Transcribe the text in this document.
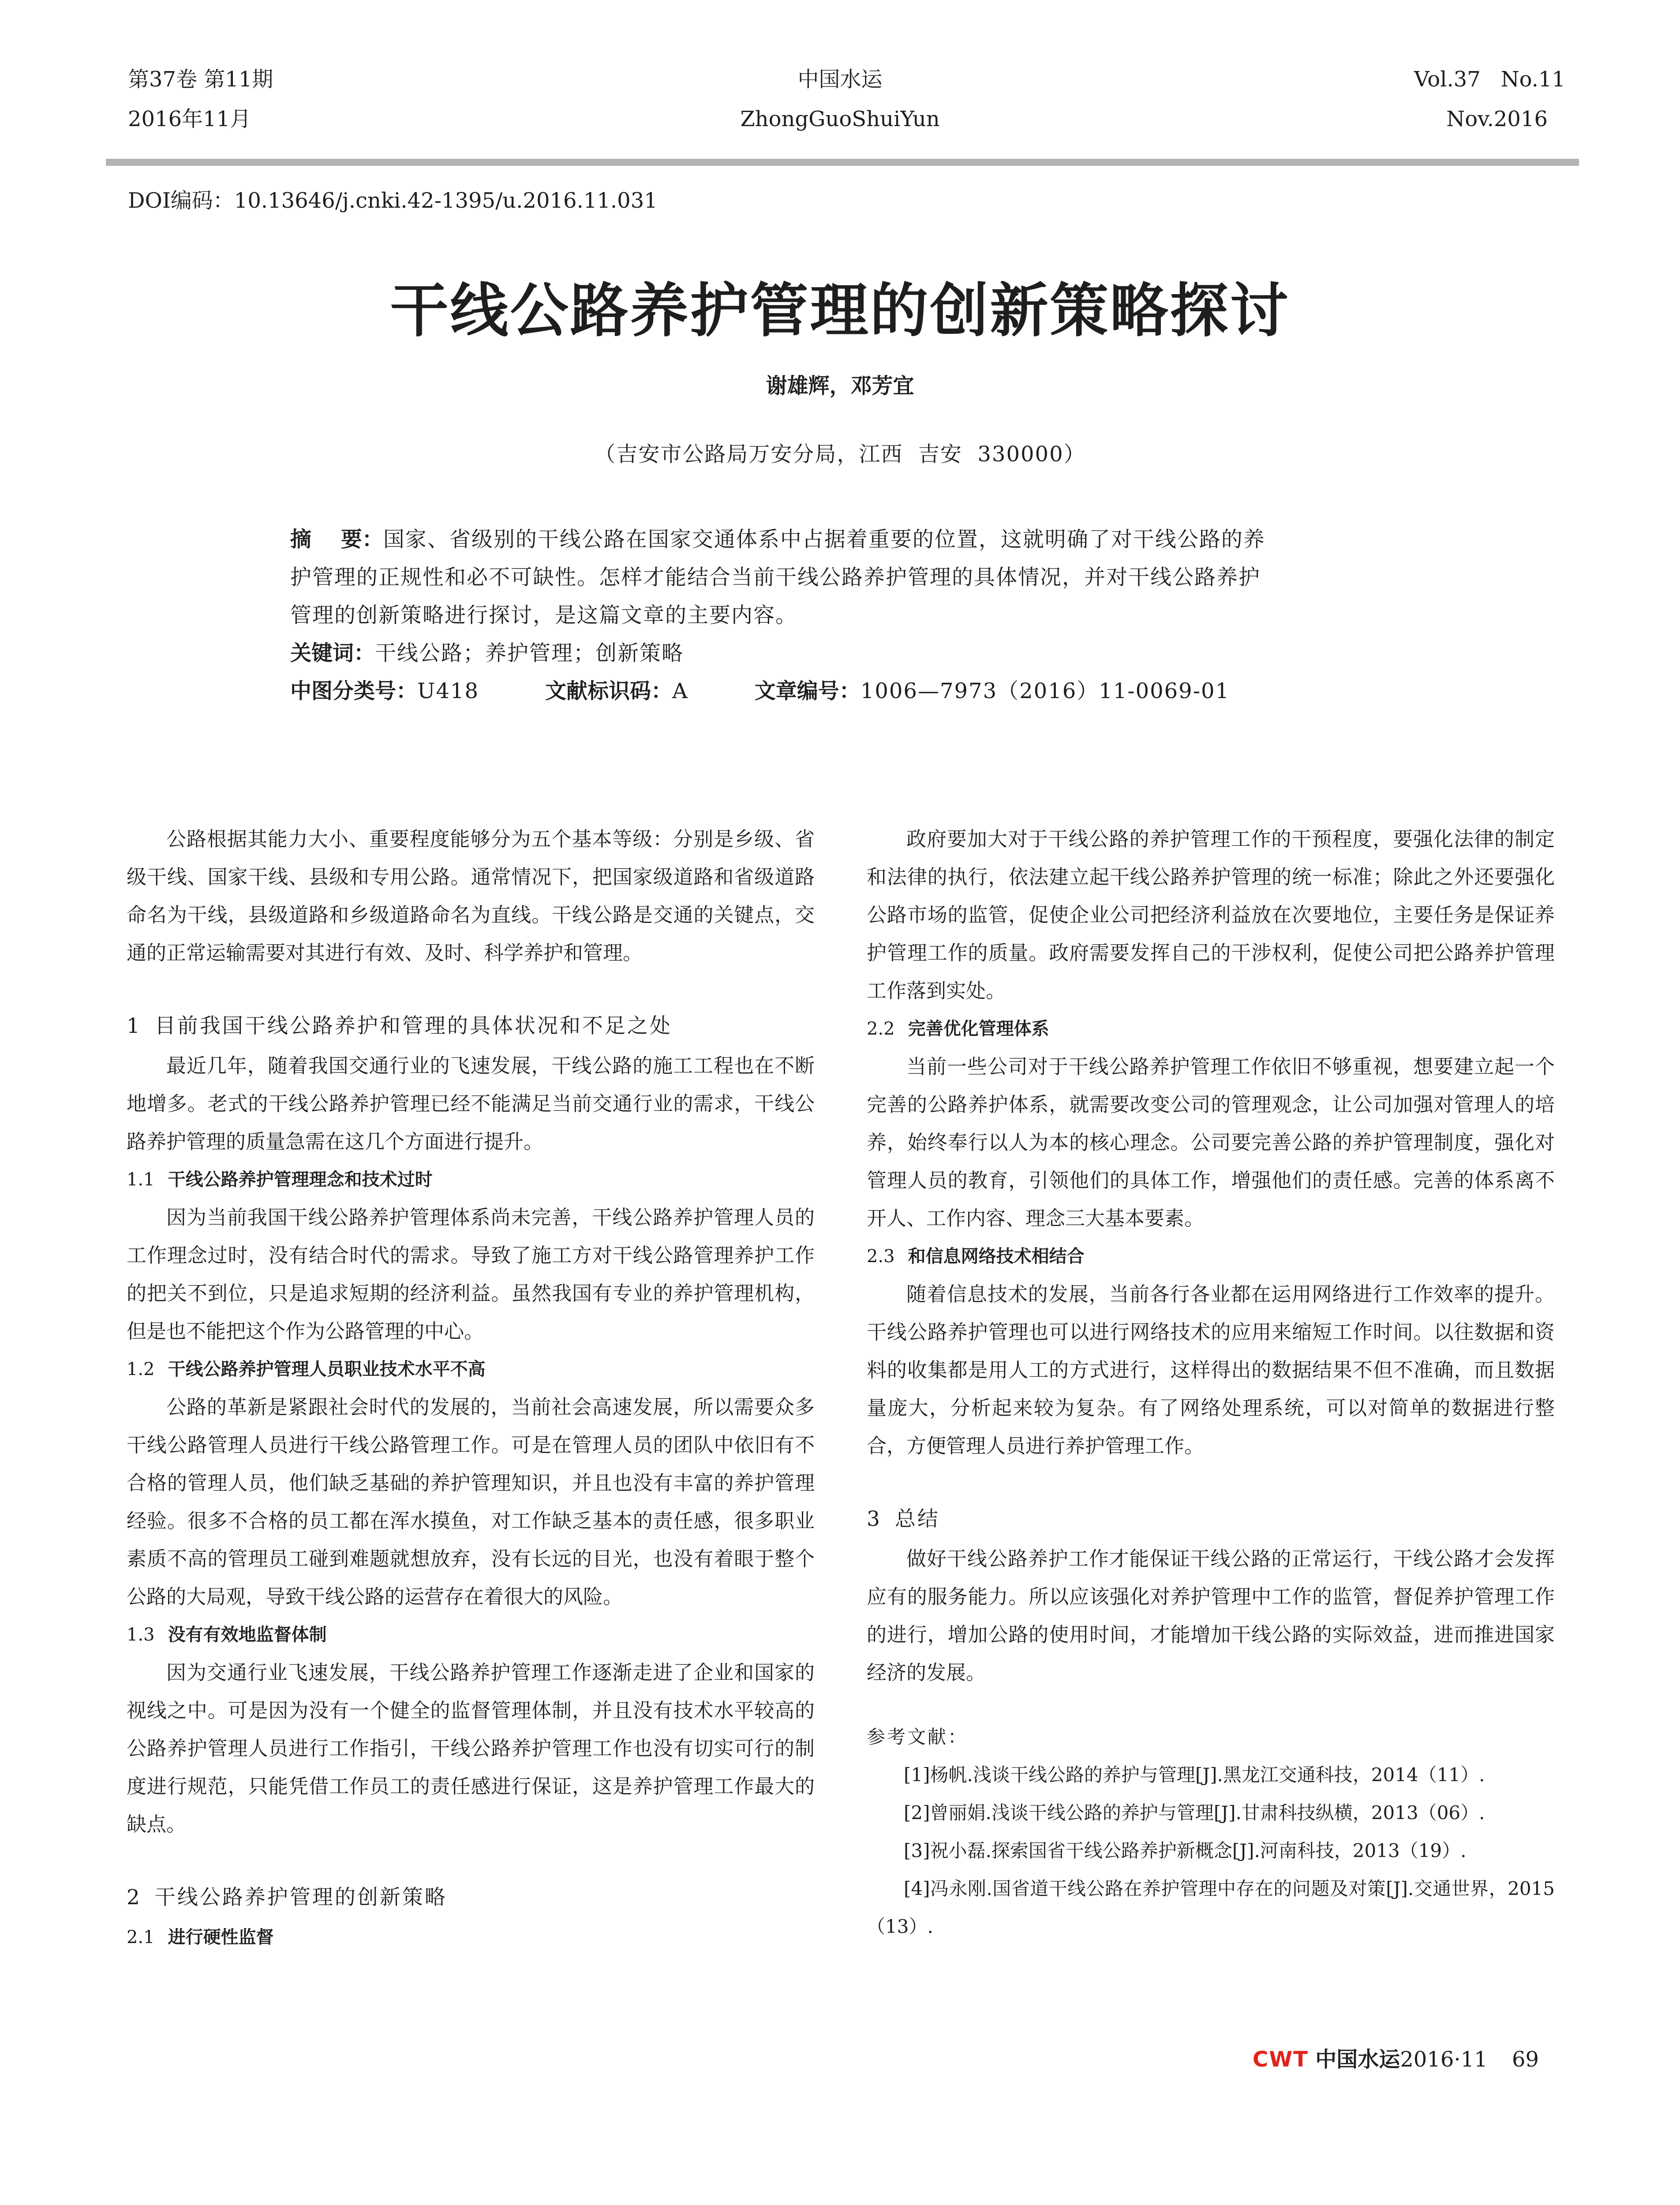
第37卷 第11期
2016年11月
中国水运
ZhongGuoShuiYun
Vol.37   No.11
Nov.2016
DOI编码：10.13646/j.cnki.42-1395/u.2016.11.031
干线公路养护管理的创新策略探讨
谢雄辉，邓芳宜
（吉安市公路局万安分局，江西  吉安  330000）
摘    要：国家、省级别的干线公路在国家交通体系中占据着重要的位置，这就明确了对干线公路的养
护管理的正规性和必不可缺性。怎样才能结合当前干线公路养护管理的具体情况，并对干线公路养护
管理的创新策略进行探讨，是这篇文章的主要内容。
关键词：干线公路；养护管理；创新策略
中图分类号：U418	文献标识码：A	文章编号：1006—7973（2016）11-0069-01

公路根据其能力大小、重要程度能够分为五个基本等级：分别是乡级、省级干线、国家干线、县级和专用公路。通常情况下，把国家级道路和省级道路命名为干线，县级道路和乡级道路命名为直线。干线公路是交通的关键点，交通的正常运输需要对其进行有效、及时、科学养护和管理。

1 目前我国干线公路养护和管理的具体状况和不足之处

最近几年，随着我国交通行业的飞速发展，干线公路的施工工程也在不断地增多。老式的干线公路养护管理已经不能满足当前交通行业的需求，干线公路养护管理的质量急需在这几个方面进行提升。

1.1 干线公路养护管理理念和技术过时

因为当前我国干线公路养护管理体系尚未完善，干线公路养护管理人员的工作理念过时，没有结合时代的需求。导致了施工方对干线公路管理养护工作的把关不到位，只是追求短期的经济利益。虽然我国有专业的养护管理机构，但是也不能把这个作为公路管理的中心。

1.2 干线公路养护管理人员职业技术水平不高

公路的革新是紧跟社会时代的发展的，当前社会高速发展，所以需要众多干线公路管理人员进行干线公路管理工作。可是在管理人员的团队中依旧有不合格的管理人员，他们缺乏基础的养护管理知识，并且也没有丰富的养护管理经验。很多不合格的员工都在浑水摸鱼，对工作缺乏基本的责任感，很多职业素质不高的管理员工碰到难题就想放弃，没有长远的目光，也没有着眼于整个公路的大局观，导致干线公路的运营存在着很大的风险。

1.3 没有有效地监督体制

因为交通行业飞速发展，干线公路养护管理工作逐渐走进了企业和国家的视线之中。可是因为没有一个健全的监督管理体制，并且没有技术水平较高的公路养护管理人员进行工作指引，干线公路养护管理工作也没有切实可行的制度进行规范，只能凭借工作员工的责任感进行保证，这是养护管理工作最大的缺点。

2 干线公路养护管理的创新策略
2.1 进行硬性监督

政府要加大对于干线公路的养护管理工作的干预程度，要强化法律的制定和法律的执行，依法建立起干线公路养护管理的统一标准；除此之外还要强化公路市场的监管，促使企业公司把经济利益放在次要地位，主要任务是保证养护管理工作的质量。政府需要发挥自己的干涉权利，促使公司把公路养护管理工作落到实处。

2.2 完善优化管理体系

当前一些公司对于干线公路养护管理工作依旧不够重视，想要建立起一个完善的公路养护体系，就需要改变公司的管理观念，让公司加强对管理人的培养，始终奉行以人为本的核心理念。公司要完善公路的养护管理制度，强化对管理人员的教育，引领他们的具体工作，增强他们的责任感。完善的体系离不开人、工作内容、理念三大基本要素。

2.3 和信息网络技术相结合

随着信息技术的发展，当前各行各业都在运用网络进行工作效率的提升。干线公路养护管理也可以进行网络技术的应用来缩短工作时间。以往数据和资料的收集都是用人工的方式进行，这样得出的数据结果不但不准确，而且数据量庞大，分析起来较为复杂。有了网络处理系统，可以对简单的数据进行整合，方便管理人员进行养护管理工作。

3 总结

做好干线公路养护工作才能保证干线公路的正常运行，干线公路才会发挥应有的服务能力。所以应该强化对养护管理中工作的监管，督促养护管理工作的进行，增加公路的使用时间，才能增加干线公路的实际效益，进而推进国家经济的发展。

参考文献：

[1]杨帆.浅谈干线公路的养护与管理[J].黑龙江交通科技，2014（11）.

[2]曾丽娟.浅谈干线公路的养护与管理[J].甘肃科技纵横，2013（06）.

[3]祝小磊.探索国省干线公路养护新概念[J].河南科技，2013（19）.

[4]冯永刚.国省道干线公路在养护管理中存在的问题及对策[J].交通世界，2015（13）.

CWT 中国水运2016·11 69
